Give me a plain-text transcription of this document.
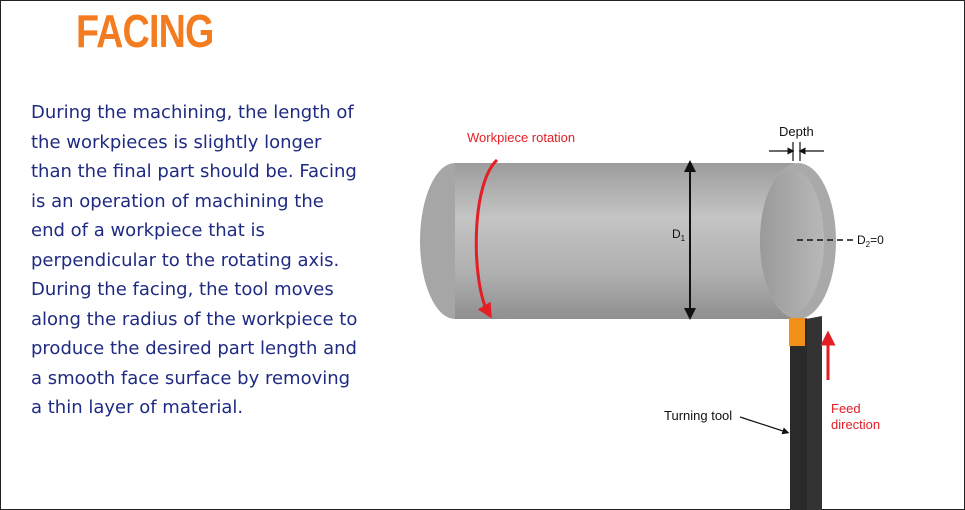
FACING
During the machining, the length of
the workpieces is slightly longer
than the final part should be. Facing
is an operation of machining the
end of a workpiece that is
perpendicular to the rotating axis.
During the facing, the tool moves
along the radius of the workpiece to
produce the desired part length and
a smooth face surface by removing
a thin layer of material.
Workpiece rotation
$D_1$
Depth
$D_2=0$
Feed
direction
Turning tool
